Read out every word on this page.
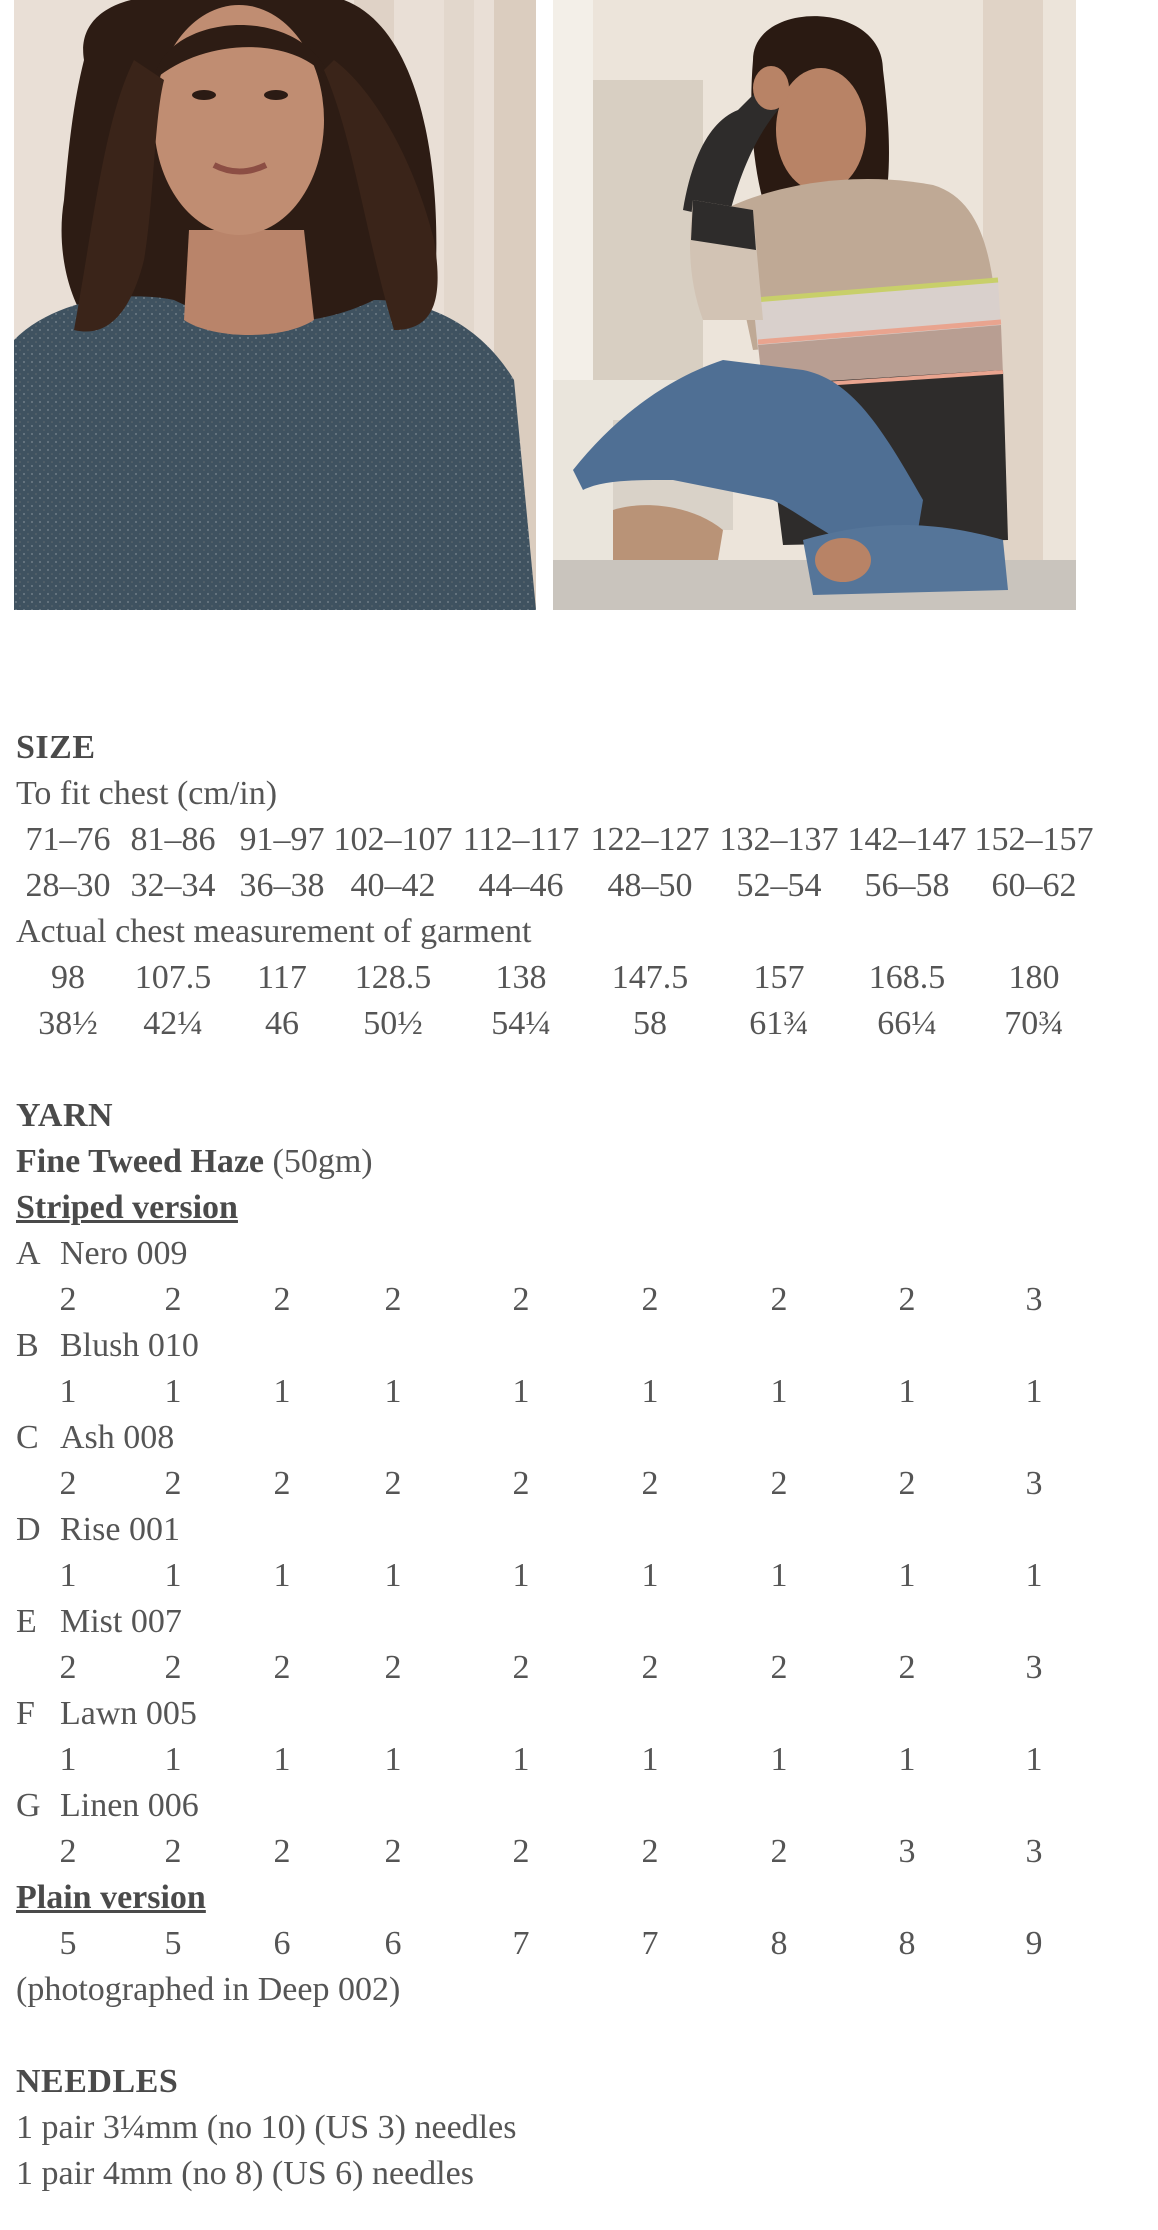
SIZE
To fit chest (cm/in)
71–76 81–86 91–97 102–107 112–117 122–127 132–137 142–147 152–157
28–30 32–34 36–38 40–42	44–46	48–50	52–54	56–58	60–62
Actual chest measurement of garment
98	107.5	117	128.5	138	147.5	157	168.5	180
38½	42¼	46	50½	54¼	58	61¾	66¼	70¾
YARN
Fine Tweed Haze (50gm)
Striped version
A Nero 009
2	2	2	2	2	2	2	2	3
B Blush 010
1	1	1	1	1	1	1	1	1
C Ash 008
2	2	2	2	2	2	2	2	3
D Rise 001
1	1	1	1	1	1	1	1	1
E Mist 007
2	2	2	2	2	2	2	2	3
F Lawn 005
1	1	1	1	1	1	1	1	1
G Linen 006
2	2	2	2	2	2	2	3	3
Plain version
5	5	6	6	7	7	8	8	9
(photographed in Deep 002)
NEEDLES
1 pair 3¼mm (no 10) (US 3) needles
1 pair 4mm (no 8) (US 6) needles
